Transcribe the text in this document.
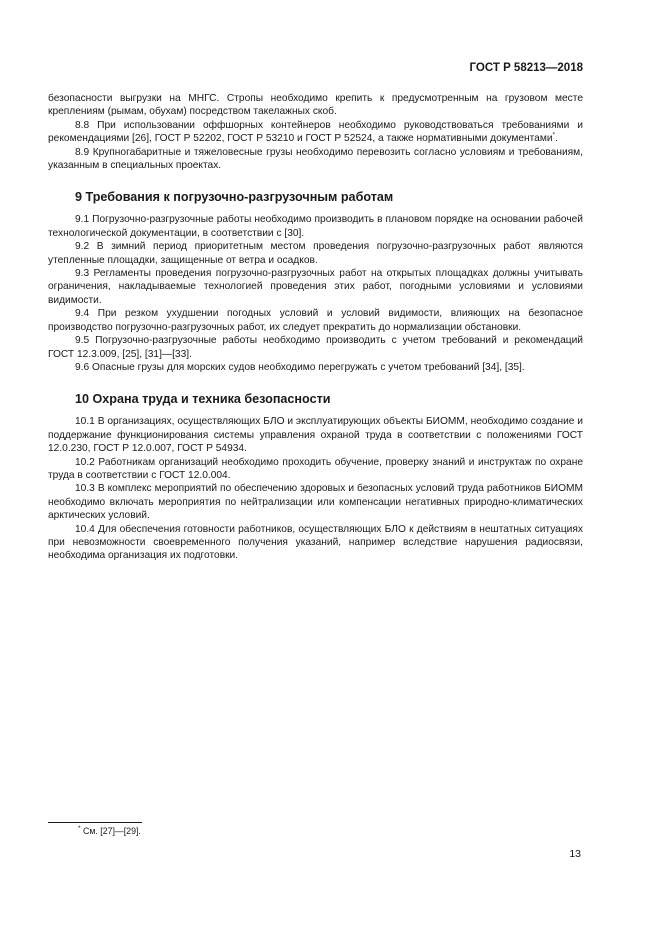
ГОСТ Р 58213—2018

безопасности выгрузки на МНГС. Стропы необходимо крепить к предусмотренным на грузовом месте креплениям (рымам, обухам) посредством такелажных скоб.

8.8 При использовании оффшорных контейнеров необходимо руководствоваться требованиями и рекомендациями [26], ГОСТ Р 52202, ГОСТ Р 53210 и ГОСТ Р 52524, а также нормативными документами*.

8.9 Крупногабаритные и тяжеловесные грузы необходимо перевозить согласно условиям и требованиям, указанным в специальных проектах.

9 Требования к погрузочно-разгрузочным работам

9.1 Погрузочно-разгрузочные работы необходимо производить в плановом порядке на основании рабочей технологической документации, в соответствии с [30].

9.2 В зимний период приоритетным местом проведения погрузочно-разгрузочных работ являются утепленные площадки, защищенные от ветра и осадков.

9.3 Регламенты проведения погрузочно-разгрузочных работ на открытых площадках должны учитывать ограничения, накладываемые технологией проведения этих работ, погодными условиями и условиями видимости.

9.4 При резком ухудшении погодных условий и условий видимости, влияющих на безопасное производство погрузочно-разгрузочных работ, их следует прекратить до нормализации обстановки.

9.5 Погрузочно-разгрузочные работы необходимо производить с учетом требований и рекомендаций ГОСТ 12.3.009, [25], [31]—[33].

9.6 Опасные грузы для морских судов необходимо перегружать с учетом требований [34], [35].

10 Охрана труда и техника безопасности

10.1 В организациях, осуществляющих БЛО и эксплуатирующих объекты БИОММ, необходимо создание и поддержание функционирования системы управления охраной труда в соответствии с положениями ГОСТ 12.0.230, ГОСТ Р 12.0.007, ГОСТ Р 54934.

10.2 Работникам организаций необходимо проходить обучение, проверку знаний и инструктаж по охране труда в соответствии с ГОСТ 12.0.004.

10.3 В комплекс мероприятий по обеспечению здоровых и безопасных условий труда работников БИОММ необходимо включать мероприятия по нейтрализации или компенсации негативных природно-климатических арктических условий.

10.4 Для обеспечения готовности работников, осуществляющих БЛО к действиям в нештатных ситуациях при невозможности своевременного получения указаний, например вследствие нарушения радиосвязи, необходима организация их подготовки.

* См. [27]—[29].
13
